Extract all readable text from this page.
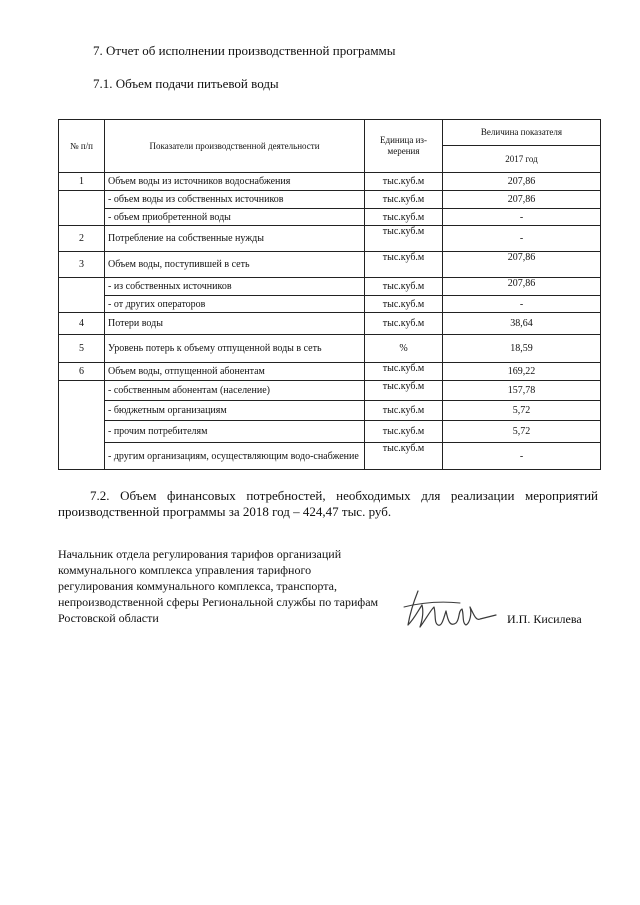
7. Отчет об исполнении производственной программы
7.1. Объем подачи питьевой воды
№ п/п	Показатели производственной деятельности	Единица из-мерения	Величина показателя
			2017 год
1	Объем воды из источников водоснабжения	тыс.куб.м	207,86
	- объем воды из собственных источников	тыс.куб.м	207,86
	- объем приобретенной воды	тыс.куб.м	-
2	Потребление на собственные нужды	тыс.куб.м	-
3	Объем воды, поступившей в сеть	тыс.куб.м	207,86
	- из собственных источников	тыс.куб.м	207,86
	- от других операторов	тыс.куб.м	-
4	Потери воды	тыс.куб.м	38,64
5	Уровень потерь к объему отпущенной воды в сеть	%	18,59
6	Объем воды, отпущенной абонентам	тыс.куб.м	169,22
	- собственным абонентам (население)	тыс.куб.м	157,78
	- бюджетным организациям	тыс.куб.м	5,72
	- прочим потребителям	тыс.куб.м	5,72
	- другим организациям, осуществляющим водо-снабжение	тыс.куб.м	-

7.2. Объем финансовых потребностей, необходимых для реализации мероприятий производственной программы за 2018 год – 424,47 тыс. руб.

Начальник отдела регулирования тарифов организаций коммунального комплекса управления тарифного регулирования коммунального комплекса, транспорта, непроизводственной сферы Региональной службы по тарифам Ростовской области	И.П. Кисилева
